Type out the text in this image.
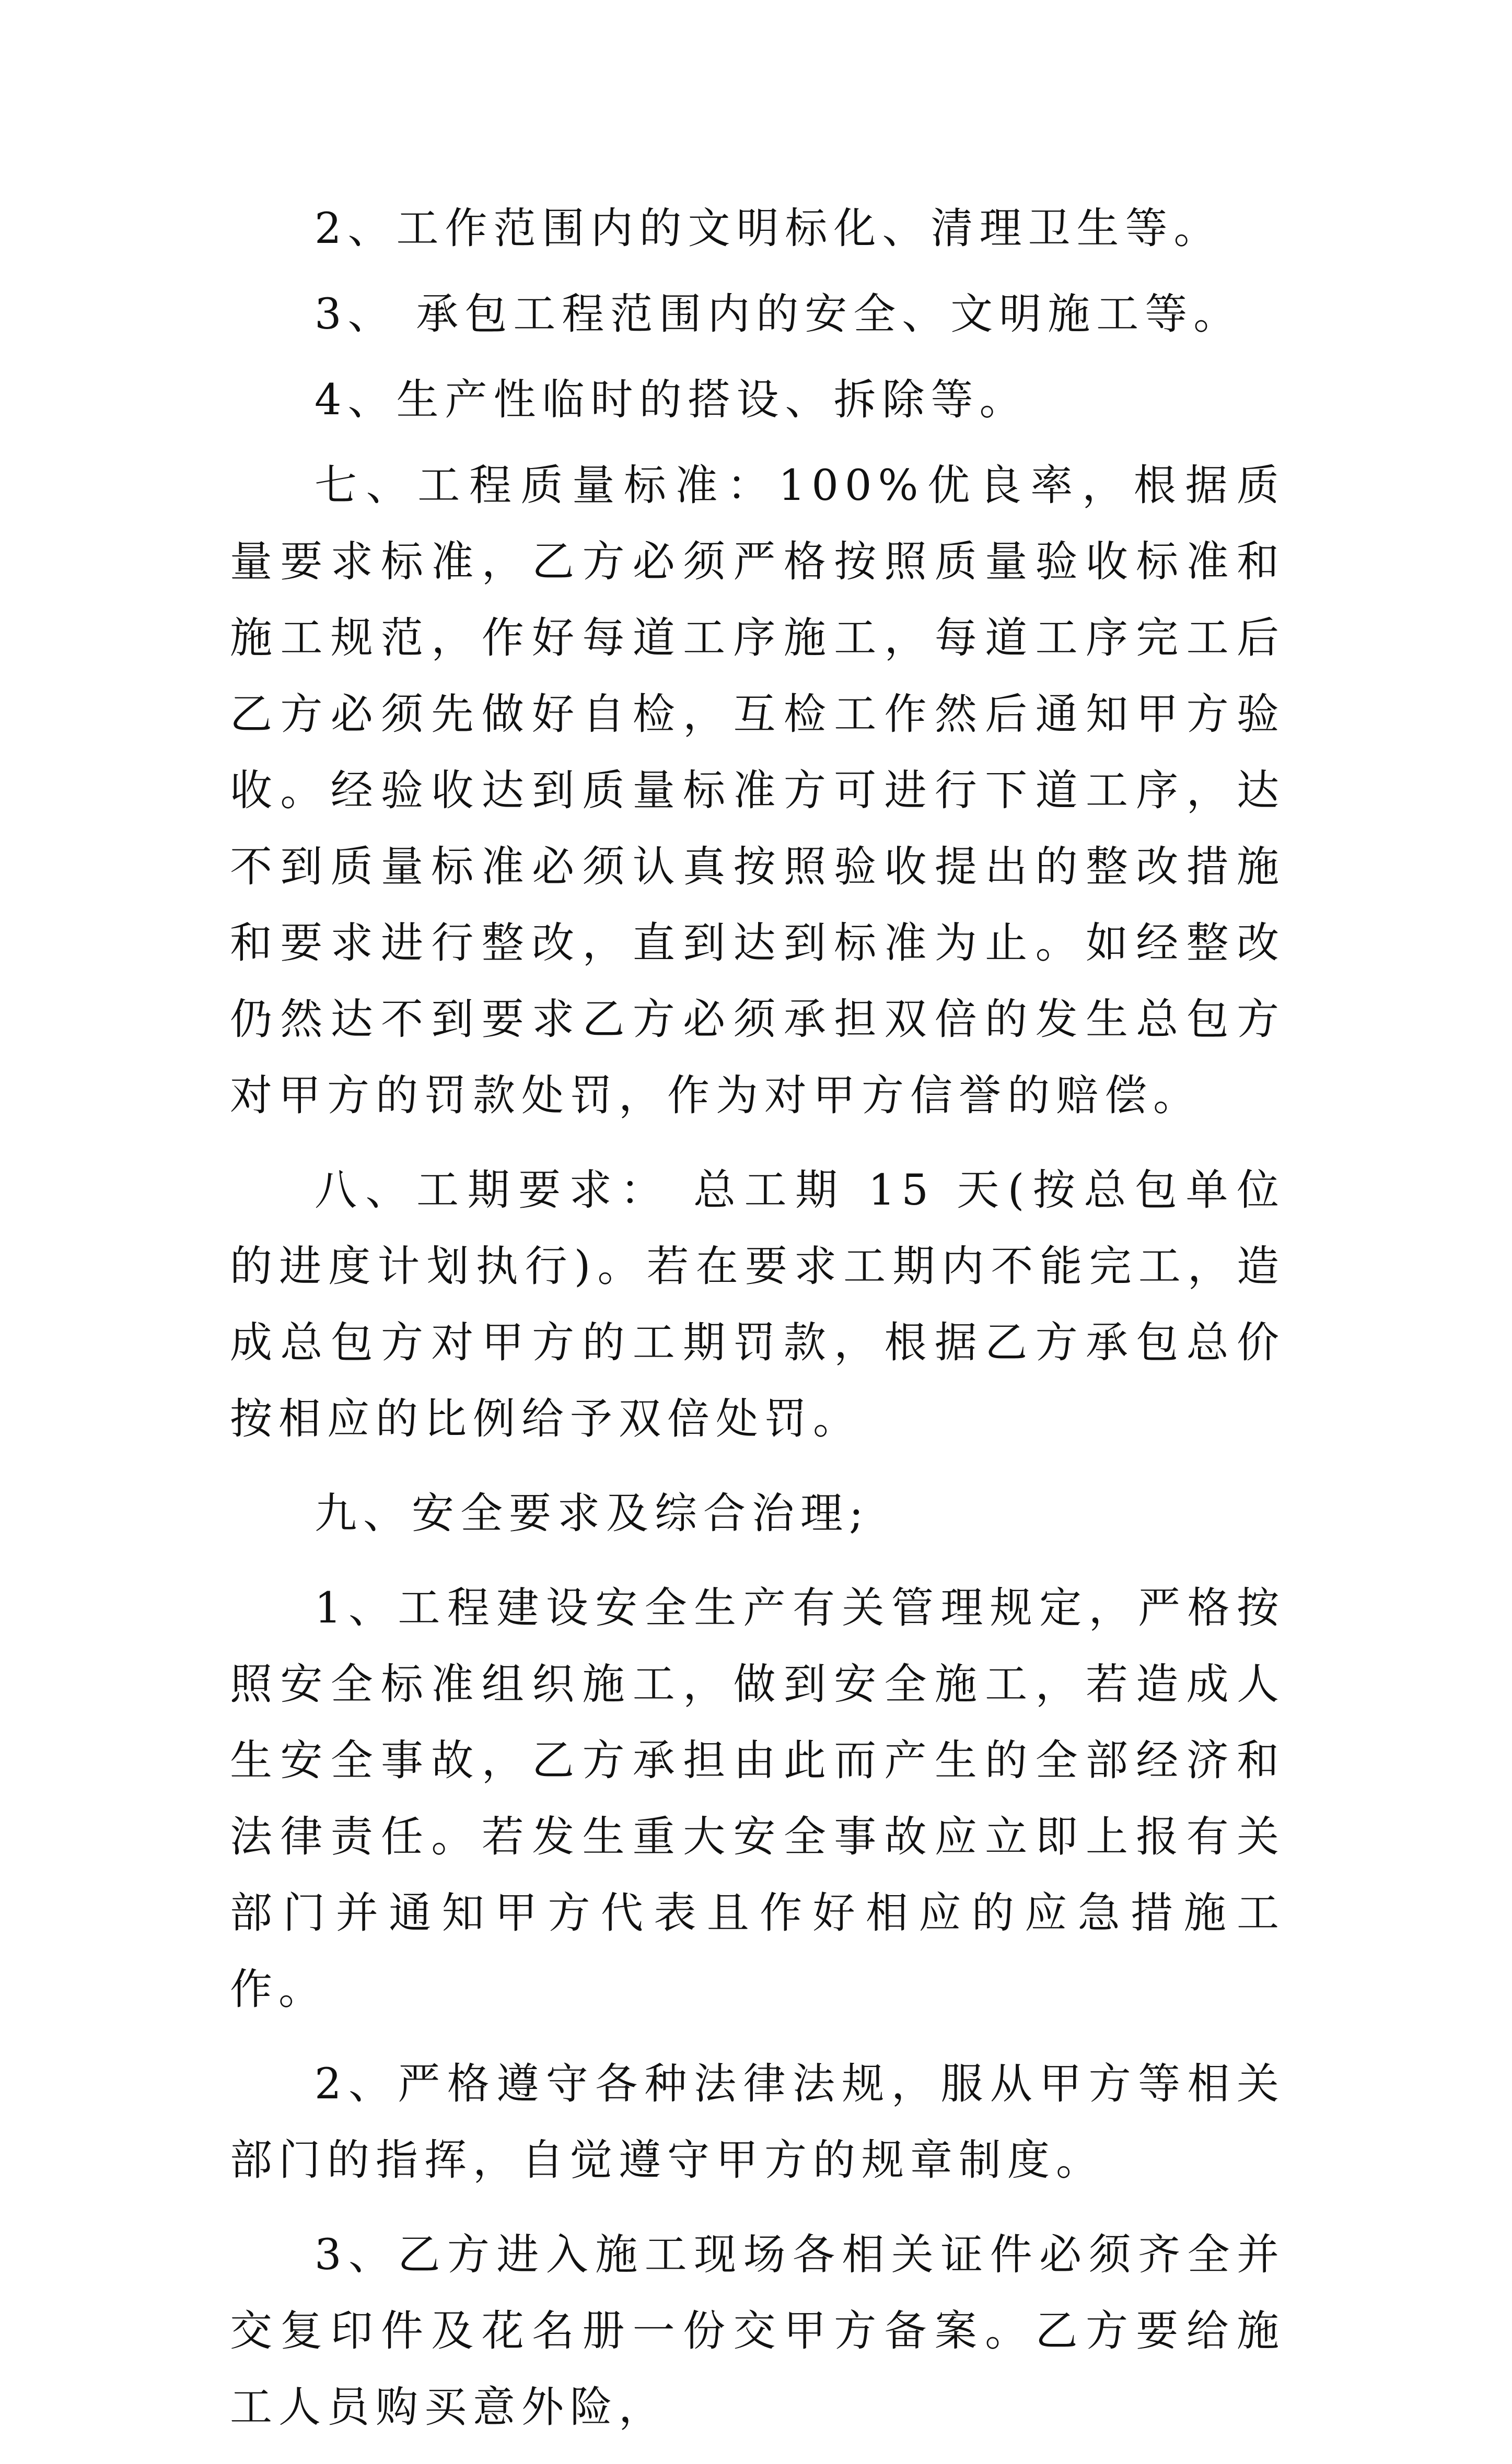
2、工作范围内的文明标化、清理卫生等。

3、 承包工程范围内的安全、文明施工等。

4、生产性临时的搭设、拆除等。

七、工程质量标准：100%优良率，根据质量要求标准，乙方必须严格按照质量验收标准和施工规范，作好每道工序施工，每道工序完工后乙方必须先做好自检，互检工作然后通知甲方验收。经验收达到质量标准方可进行下道工序，达不到质量标准必须认真按照验收提出的整改措施和要求进行整改，直到达到标准为止。如经整改仍然达不到要求乙方必须承担双倍的发生总包方对甲方的罚款处罚，作为对甲方信誉的赔偿。

八、工期要求： 总工期 15 天(按总包单位的进度计划执行)。若在要求工期内不能完工，造成总包方对甲方的工期罚款，根据乙方承包总价按相应的比例给予双倍处罚。

九、安全要求及综合治理;

1、工程建设安全生产有关管理规定，严格按照安全标准组织施工，做到安全施工，若造成人生安全事故，乙方承担由此而产生的全部经济和法律责任。若发生重大安全事故应立即上报有关部门并通知甲方代表且作好相应的应急措施工作。

2、严格遵守各种法律法规，服从甲方等相关部门的指挥，自觉遵守甲方的规章制度。

3、乙方进入施工现场各相关证件必须齐全并交复印件及花名册一份交甲方备案。乙方要给施工人员购买意外险，
